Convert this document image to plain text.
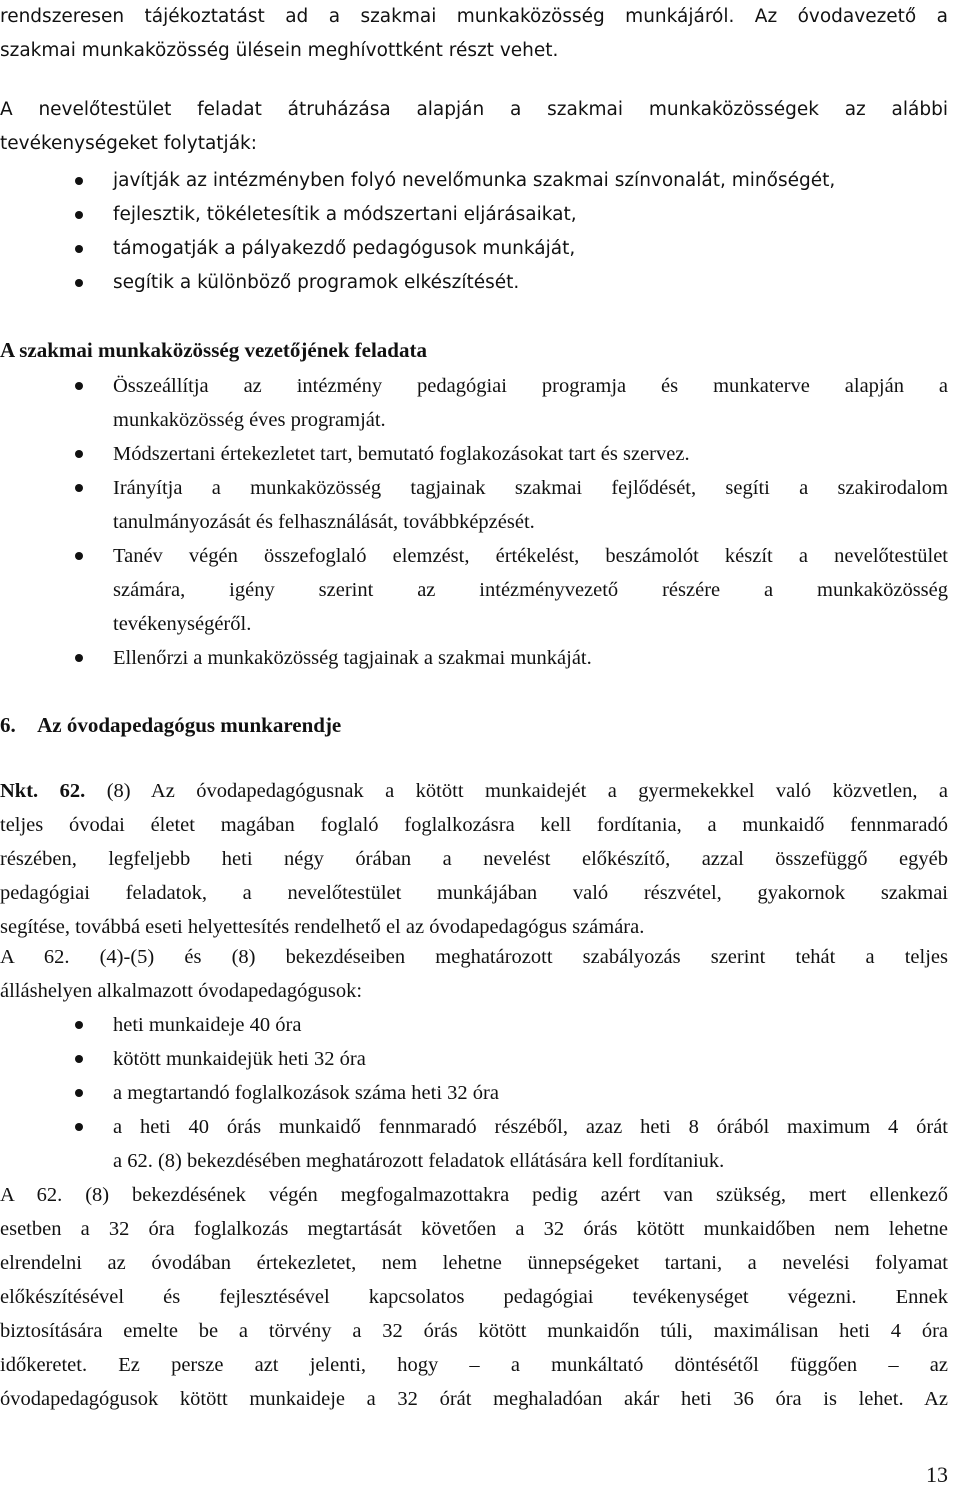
rendszeresen tájékoztatást ad a szakmai munkaközösség munkájáról. Az óvodavezető a

szakmai munkaközösség ülésein meghívottként részt vehet.

A nevelőtestület feladat átruházása alapján a szakmai munkaközösségek az alábbi

tevékenységeket folytatják:

javítják az intézményben folyó nevelőmunka szakmai színvonalát, minőségét,
fejlesztik, tökéletesítik a módszertani eljárásaikat,
támogatják a pályakezdő pedagógusok munkáját,
segítik a különböző programok elkészítését.

A szakmai munkaközösség vezetőjének feladata

Összeállítja az intézmény pedagógiai programja és munkaterve alapján a

munkaközösség éves programját.

Módszertani értekezletet tart, bemutató foglakozásokat tart és szervez.

Irányítja a munkaközösség tagjainak szakmai fejlődését, segíti a szakirodalom

tanulmányozását és felhasználását, továbbképzését.

Tanév végén összefoglaló elemzést, értékelést, beszámolót készít a nevelőtestület

számára, igény szerint az intézményvezető részére a munkaközösség

tevékenységéről.

Ellenőrzi a munkaközösség tagjainak a szakmai munkáját.

6. Az óvodapedagógus munkarendje

Nkt. 62. (8) Az óvodapedagógusnak a kötött munkaidejét a gyermekekkel való közvetlen, a

teljes óvodai életet magában foglaló foglalkozásra kell fordítania, a munkaidő fennmaradó

részében, legfeljebb heti négy órában a nevelést előkészítő, azzal összefüggő egyéb

pedagógiai feladatok, a nevelőtestület munkájában való részvétel, gyakornok szakmai

segítése, továbbá eseti helyettesítés rendelhető el az óvodapedagógus számára.

A 62. (4)-(5) és (8) bekezdéseiben meghatározott szabályozás szerint tehát a teljes

álláshelyen alkalmazott óvodapedagógusok:

heti munkaideje 40 óra

kötött munkaidejük heti 32 óra

a megtartandó foglalkozások száma heti 32 óra

a heti 40 órás munkaidő fennmaradó részéből, azaz heti 8 órából maximum 4 órát

a 62. (8) bekezdésében meghatározott feladatok ellátására kell fordítaniuk.

A 62. (8) bekezdésének végén megfogalmazottakra pedig azért van szükség, mert ellenkező

esetben a 32 óra foglalkozás megtartását követően a 32 órás kötött munkaidőben nem lehetne

elrendelni az óvodában értekezletet, nem lehetne ünnepségeket tartani, a nevelési folyamat

előkészítésével és fejlesztésével kapcsolatos pedagógiai tevékenységet végezni. Ennek

biztosítására emelte be a törvény a 32 órás kötött munkaidőn túli, maximálisan heti 4 óra

időkeretet. Ez persze azt jelenti, hogy – a munkáltató döntésétől függően – az

óvodapedagógusok kötött munkaideje a 32 órát meghaladóan akár heti 36 óra is lehet. Az

13
